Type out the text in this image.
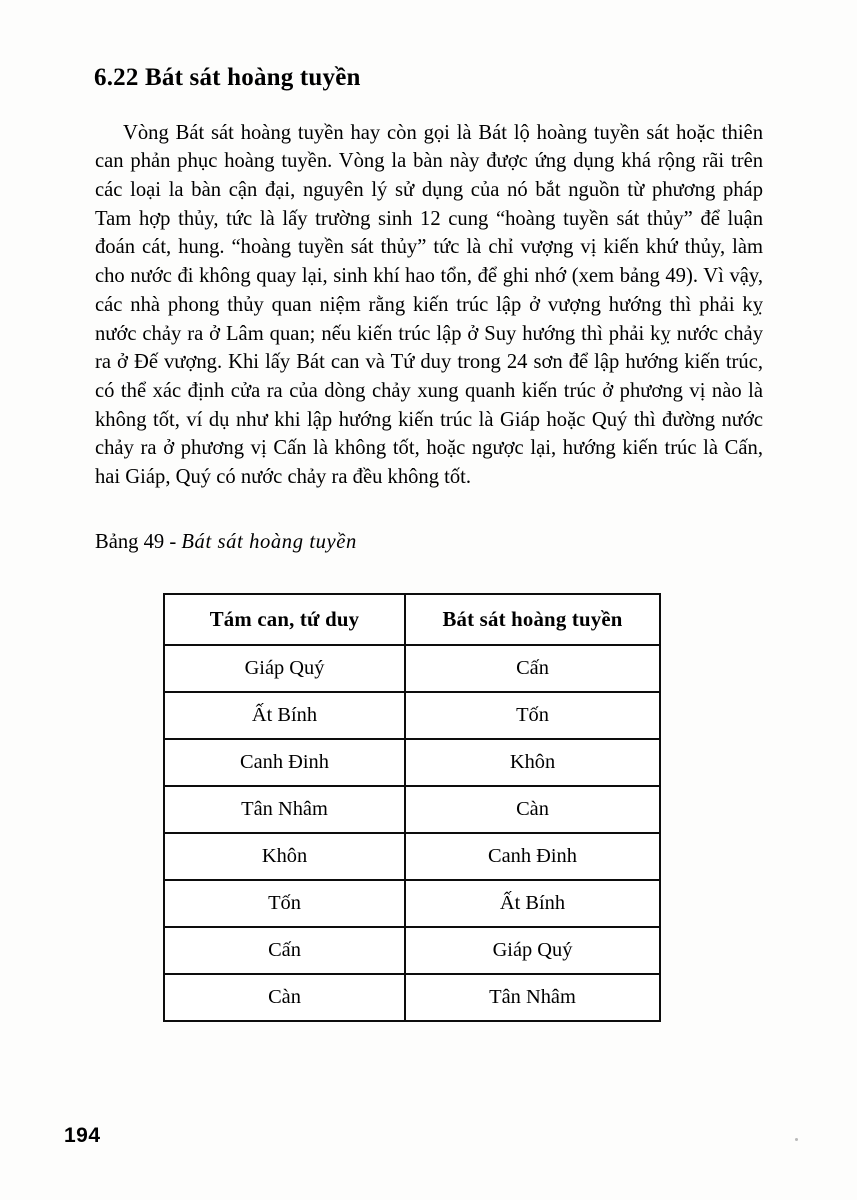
6.22 Bát sát hoàng tuyền

Vòng Bát sát hoàng tuyền hay còn gọi là Bát lộ hoàng tuyền sát hoặc thiên can phản phục hoàng tuyền. Vòng la bàn này được ứng dụng khá rộng rãi trên các loại la bàn cận đại, nguyên lý sử dụng của nó bắt nguồn từ phương pháp Tam hợp thủy, tức là lấy trường sinh 12 cung “hoàng tuyền sát thủy” để luận đoán cát, hung. “hoàng tuyền sát thủy” tức là chỉ vượng vị kiến khứ thủy, làm cho nước đi không quay lại, sinh khí hao tổn, để ghi nhớ (xem bảng 49). Vì vậy, các nhà phong thủy quan niệm rằng kiến trúc lập ở vượng hướng thì phải kỵ nước chảy ra ở Lâm quan; nếu kiến trúc lập ở Suy hướng thì phải kỵ nước chảy ra ở Đế vượng. Khi lấy Bát can và Tứ duy trong 24 sơn để lập hướng kiến trúc, có thể xác định cửa ra của dòng chảy xung quanh kiến trúc ở phương vị nào là không tốt, ví dụ như khi lập hướng kiến trúc là Giáp hoặc Quý thì đường nước chảy ra ở phương vị Cấn là không tốt, hoặc ngược lại, hướng kiến trúc là Cấn, hai Giáp, Quý có nước chảy ra đều không tốt.

Bảng 49 - Bát sát hoàng tuyền
Tám can, tứ duy	Bát sát hoàng tuyền
Giáp Quý	Cấn
Ất Bính	Tốn
Canh Đinh	Khôn
Tân Nhâm	Càn
Khôn	Canh Đinh
Tốn	Ất Bính
Cấn	Giáp Quý
Càn	Tân Nhâm
194
